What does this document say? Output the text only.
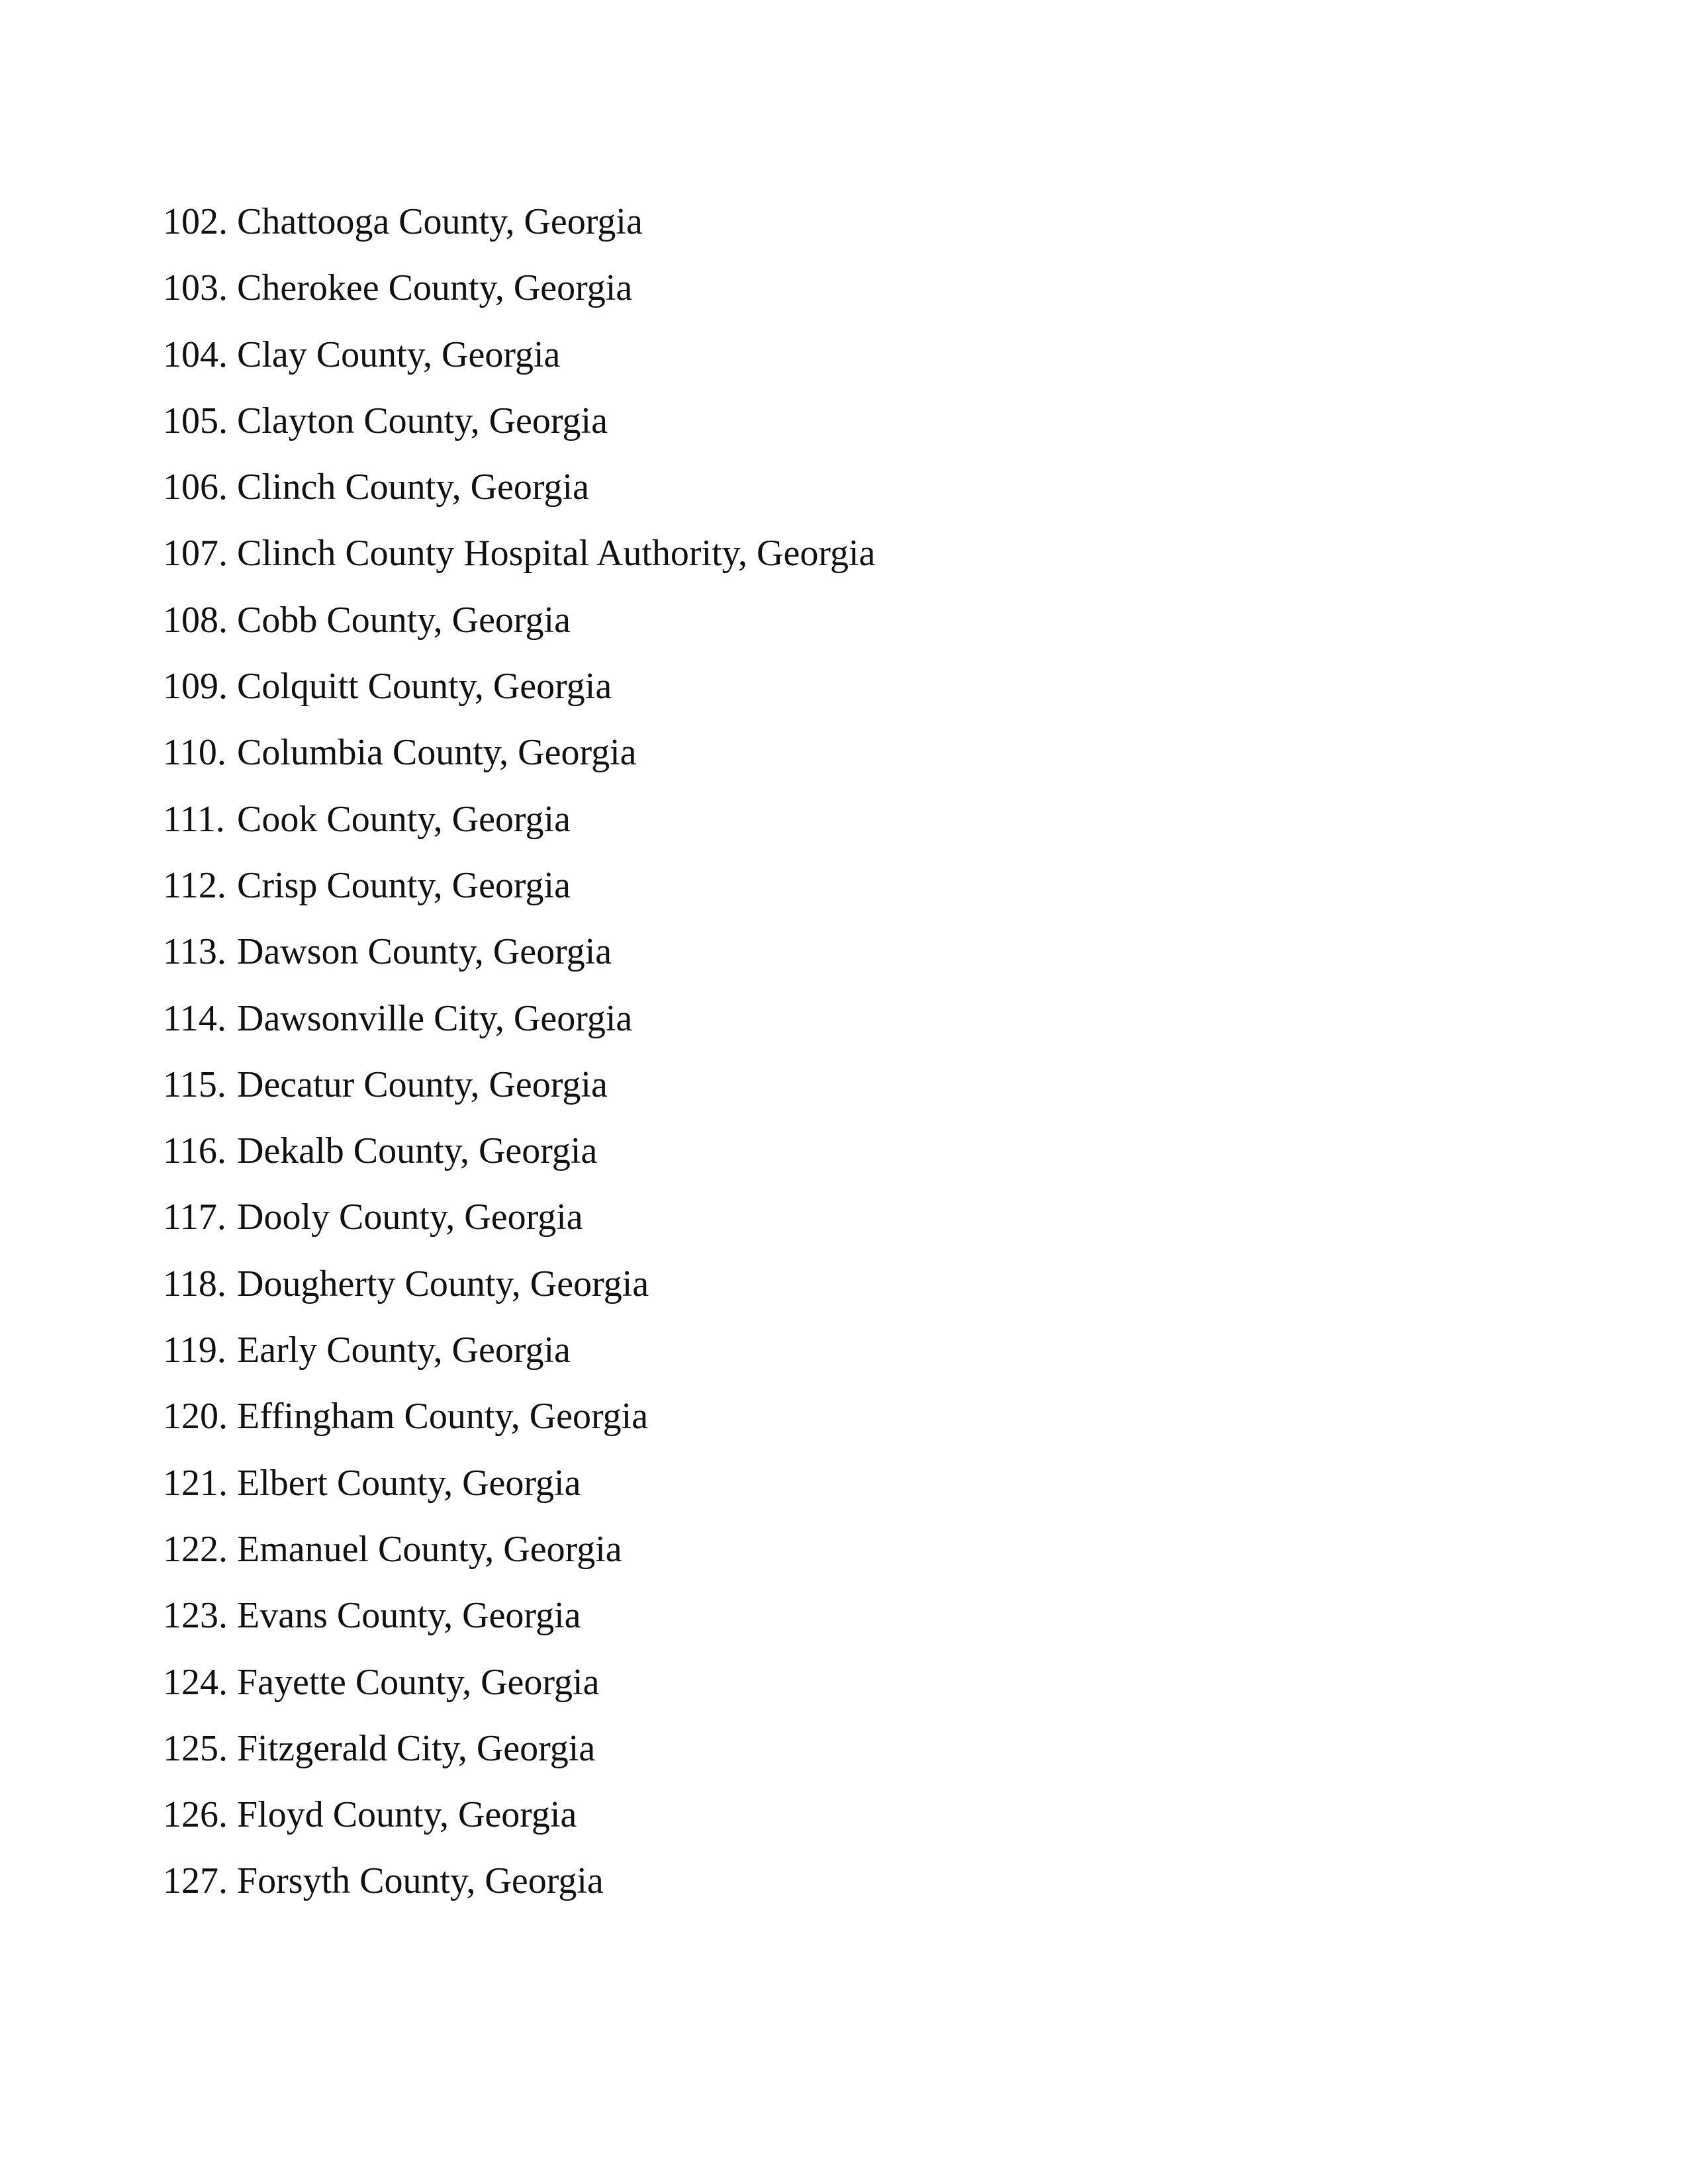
102. Chattooga County, Georgia
103. Cherokee County, Georgia
104. Clay County, Georgia
105. Clayton County, Georgia
106. Clinch County, Georgia
107. Clinch County Hospital Authority, Georgia
108. Cobb County, Georgia
109. Colquitt County, Georgia
110. Columbia County, Georgia
111. Cook County, Georgia
112. Crisp County, Georgia
113. Dawson County, Georgia
114. Dawsonville City, Georgia
115. Decatur County, Georgia
116. Dekalb County, Georgia
117. Dooly County, Georgia
118. Dougherty County, Georgia
119. Early County, Georgia
120. Effingham County, Georgia
121. Elbert County, Georgia
122. Emanuel County, Georgia
123. Evans County, Georgia
124. Fayette County, Georgia
125. Fitzgerald City, Georgia
126. Floyd County, Georgia
127. Forsyth County, Georgia
